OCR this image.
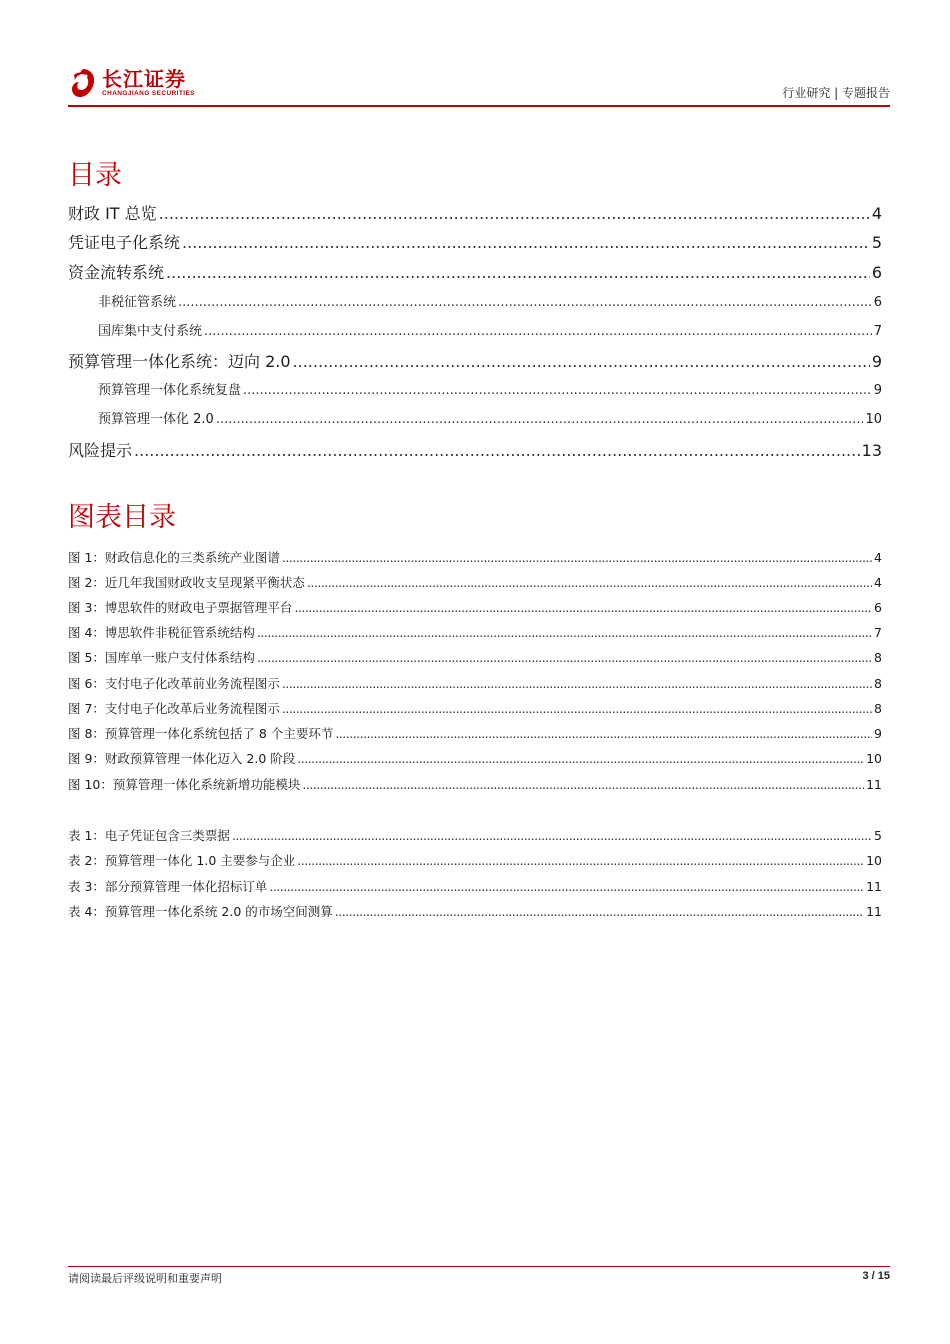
长江证券
CHANGJIANG SECURITIES	行业研究 | 专题报告
目录
财政 IT 总览 .....	4
凭证电子化系统 .....	5
资金流转系统 .....	6
非税征管系统 .....	6
国库集中支付系统 .....	7
预算管理一体化系统：迈向 2.0 .....	9
预算管理一体化系统复盘 .....	9
预算管理一体化 2.0 .....	10
风险提示 .....	13
图表目录
图 1：财政信息化的三类系统产业图谱 .....	4
图 2：近几年我国财政收支呈现紧平衡状态 .....	4
图 3：博思软件的财政电子票据管理平台 .....	6
图 4：博思软件非税征管系统结构 .....	7
图 5：国库单一账户支付体系结构 .....	8
图 6：支付电子化改革前业务流程图示 .....	8
图 7：支付电子化改革后业务流程图示 .....	8
图 8：预算管理一体化系统包括了 8 个主要环节 .....	9
图 9：财政预算管理一体化迈入 2.0 阶段 .....	10
图 10：预算管理一体化系统新增功能模块 .....	11
表 1：电子凭证包含三类票据 .....	5
表 2：预算管理一体化 1.0 主要参与企业 .....	10
表 3：部分预算管理一体化招标订单 .....	11
表 4：预算管理一体化系统 2.0 的市场空间测算 .....	11
请阅读最后评级说明和重要声明	3 / 15
